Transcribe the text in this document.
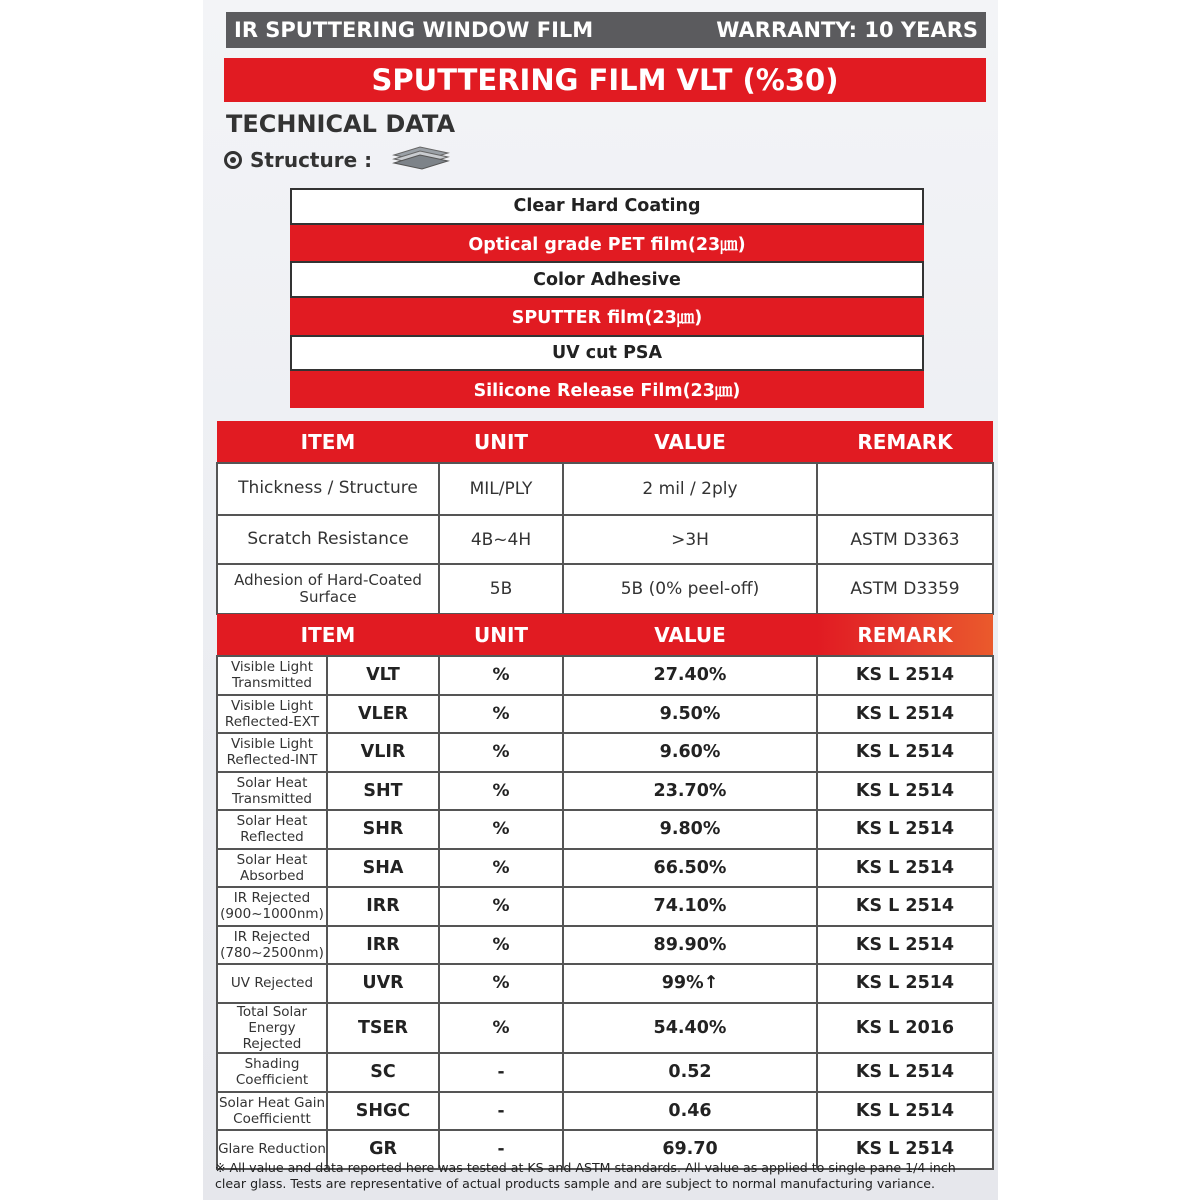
IR SPUTTERING WINDOW FILM	WARRANTY: 10 YEARS
SPUTTERING FILM VLT (%30)
TECHNICAL DATA
Structure :
Clear Hard Coating
Optical grade PET film(23㎛)
Color Adhesive
SPUTTER film(23㎛)
UV cut PSA
Silicone Release Film(23㎛)
ITEM	UNIT	VALUE	REMARK
Thickness / Structure	MIL/PLY	2 mil / 2ply	
Scratch Resistance	4B~4H	>3H	ASTM D3363
Adhesion of Hard-Coated Surface	5B	5B (0% peel-off)	ASTM D3359
ITEM		UNIT	VALUE	REMARK
Visible Light Transmitted	VLT	%	27.40%	KS L 2514
Visible Light Reflected-EXT	VLER	%	9.50%	KS L 2514
Visible Light Reflected-INT	VLIR	%	9.60%	KS L 2514
Solar Heat Transmitted	SHT	%	23.70%	KS L 2514
Solar Heat Reflected	SHR	%	9.80%	KS L 2514
Solar Heat Absorbed	SHA	%	66.50%	KS L 2514
IR Rejected (900~1000nm)	IRR	%	74.10%	KS L 2514
IR Rejected (780~2500nm)	IRR	%	89.90%	KS L 2514
UV Rejected	UVR	%	99%↑	KS L 2514
Total Solar Energy Rejected	TSER	%	54.40%	KS L 2016
Shading Coefficient	SC	-	0.52	KS L 2514
Solar Heat Gain Coefficientt	SHGC	-	0.46	KS L 2514
Glare Reduction	GR	-	69.70	KS L 2514
※ All value and data reported here was tested at KS and ASTM standards. All value as applied to single pane 1/4 inch clear glass. Tests are representative of actual products sample and are subject to normal manufacturing variance.
